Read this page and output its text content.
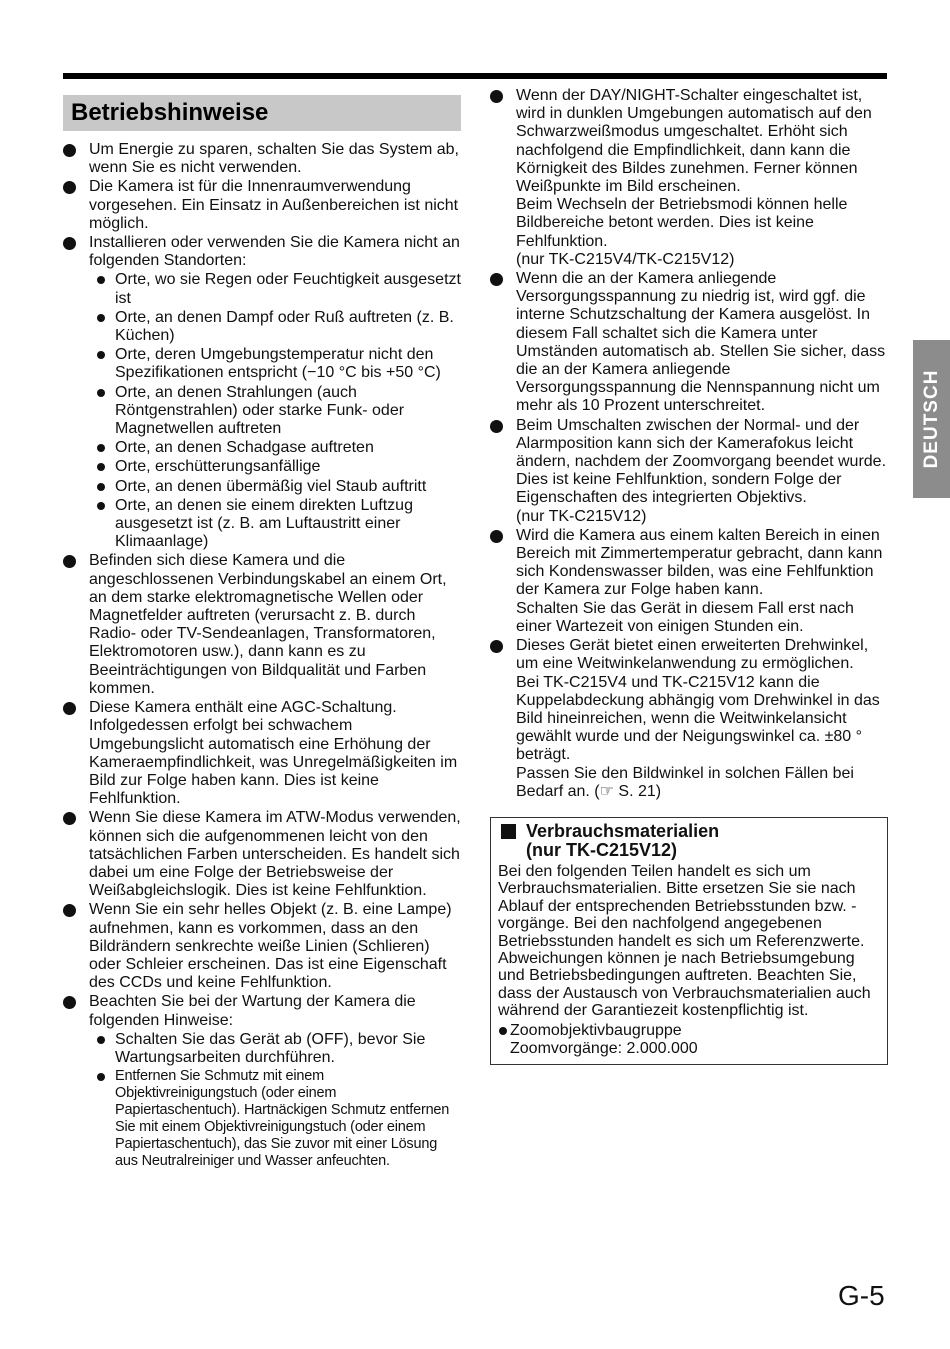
Betriebshinweise
Um Energie zu sparen, schalten Sie das System ab, wenn Sie es nicht verwenden.
Die Kamera ist für die Innenraumverwendung vorgesehen. Ein Einsatz in Außenbereichen ist nicht möglich.
Installieren oder verwenden Sie die Kamera nicht an folgenden Standorten:
Orte, wo sie Regen oder Feuchtigkeit ausgesetzt ist
Orte, an denen Dampf oder Ruß auftreten (z. B. Küchen)
Orte, deren Umgebungstemperatur nicht den Spezifikationen entspricht (−10 °C bis +50 °C)
Orte, an denen Strahlungen (auch Röntgenstrahlen) oder starke Funk- oder Magnetwellen auftreten
Orte, an denen Schadgase auftreten
Orte, erschütterungsanfällige
Orte, an denen übermäßig viel Staub auftritt
Orte, an denen sie einem direkten Luftzug ausgesetzt ist (z. B. am Luftaustritt einer Klimaanlage)
Befinden sich diese Kamera und die angeschlossenen Verbindungskabel an einem Ort, an dem starke elektromagnetische Wellen oder Magnetfelder auftreten (verursacht z. B. durch Radio- oder TV-Sendeanlagen, Transformatoren, Elektromotoren usw.), dann kann es zu Beeinträchtigungen von Bildqualität und Farben kommen.
Diese Kamera enthält eine AGC-Schaltung. Infolgedessen erfolgt bei schwachem Umgebungslicht automatisch eine Erhöhung der Kameraempfindlichkeit, was Unregelmäßigkeiten im Bild zur Folge haben kann. Dies ist keine Fehlfunktion.
Wenn Sie diese Kamera im ATW-Modus verwenden, können sich die aufgenommenen leicht von den tatsächlichen Farben unterscheiden. Es handelt sich dabei um eine Folge der Betriebsweise der Weißabgleichslogik. Dies ist keine Fehlfunktion.
Wenn Sie ein sehr helles Objekt (z. B. eine Lampe) aufnehmen, kann es vorkommen, dass an den Bildrändern senkrechte weiße Linien (Schlieren) oder Schleier erscheinen. Das ist eine Eigenschaft des CCDs und keine Fehlfunktion.
Beachten Sie bei der Wartung der Kamera die folgenden Hinweise:
Schalten Sie das Gerät ab (OFF), bevor Sie Wartungsarbeiten durchführen.
Entfernen Sie Schmutz mit einem Objektivreinigungstuch (oder einem Papiertaschentuch). Hartnäckigen Schmutz entfernen Sie mit einem Objektivreinigungstuch (oder einem Papiertaschentuch), das Sie zuvor mit einer Lösung aus Neutralreiniger und Wasser anfeuchten.
Wenn der DAY/NIGHT-Schalter eingeschaltet ist, wird in dunklen Umgebungen automatisch auf den Schwarzweißmodus umgeschaltet. Erhöht sich nachfolgend die Empfindlichkeit, dann kann die Körnigkeit des Bildes zunehmen. Ferner können Weißpunkte im Bild erscheinen.
Beim Wechseln der Betriebsmodi können helle Bildbereiche betont werden. Dies ist keine Fehlfunktion.
(nur TK-C215V4/TK-C215V12)
Wenn die an der Kamera anliegende Versorgungsspannung zu niedrig ist, wird ggf. die interne Schutzschaltung der Kamera ausgelöst. In diesem Fall schaltet sich die Kamera unter Umständen automatisch ab. Stellen Sie sicher, dass die an der Kamera anliegende Versorgungsspannung die Nennspannung nicht um mehr als 10 Prozent unterschreitet.
Beim Umschalten zwischen der Normal- und der Alarmposition kann sich der Kamerafokus leicht ändern, nachdem der Zoomvorgang beendet wurde. Dies ist keine Fehlfunktion, sondern Folge der Eigenschaften des integrierten Objektivs.
(nur TK-C215V12)
Wird die Kamera aus einem kalten Bereich in einen Bereich mit Zimmertemperatur gebracht, dann kann sich Kondenswasser bilden, was eine Fehlfunktion der Kamera zur Folge haben kann.
Schalten Sie das Gerät in diesem Fall erst nach einer Wartezeit von einigen Stunden ein.
Dieses Gerät bietet einen erweiterten Drehwinkel, um eine Weitwinkelanwendung zu ermöglichen.
Bei TK-C215V4 und TK-C215V12 kann die Kuppelabdeckung abhängig vom Drehwinkel in das Bild hineinreichen, wenn die Weitwinkelansicht gewählt wurde und der Neigungswinkel ca. ±80 ° beträgt.
Passen Sie den Bildwinkel in solchen Fällen bei Bedarf an. (☞ S. 21)
Verbrauchsmaterialien
(nur TK-C215V12)
Bei den folgenden Teilen handelt es sich um Verbrauchsmaterialien. Bitte ersetzen Sie sie nach Ablauf der entsprechenden Betriebsstunden bzw. -vorgänge. Bei den nachfolgend angegebenen Betriebsstunden handelt es sich um Referenzwerte. Abweichungen können je nach Betriebsumgebung und Betriebsbedingungen auftreten. Beachten Sie, dass der Austausch von Verbrauchsmaterialien auch während der Garantiezeit kostenpflichtig ist.
Zoomobjektivbaugruppe
Zoomvorgänge: 2.000.000
DEUTSCH
G-5
